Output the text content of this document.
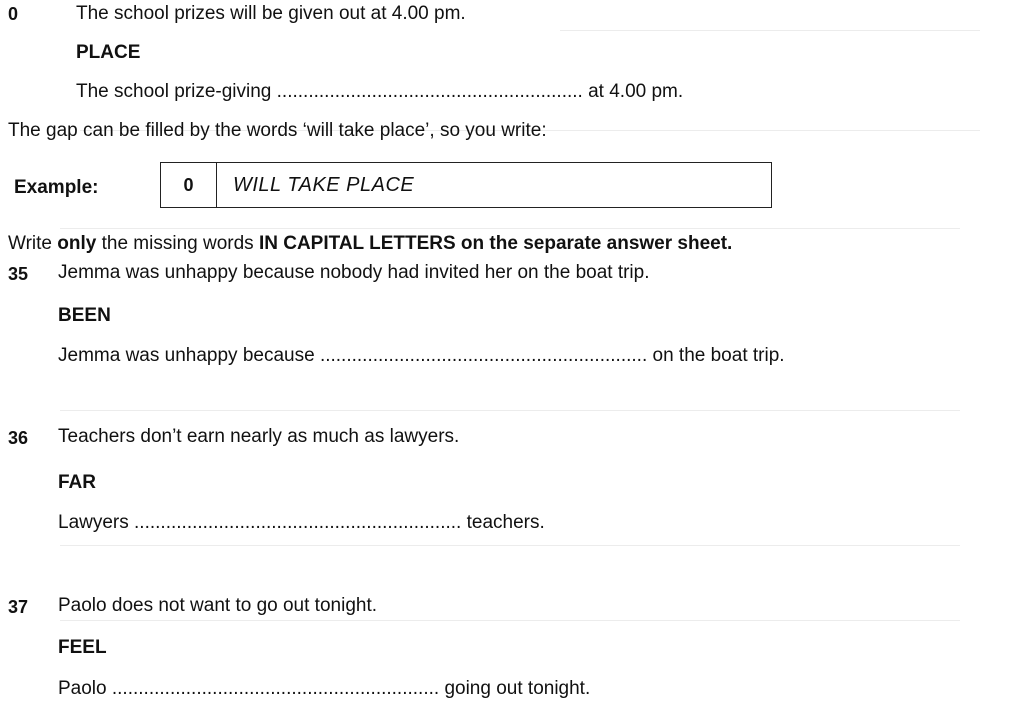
0	The school prizes will be given out at 4.00 pm.
PLACE
The school prize-giving .......................................................... at 4.00 pm.
The gap can be filled by the words ‘will take place’, so you write:
Example:	0	WILL TAKE PLACE
Write only the missing words IN CAPITAL LETTERS on the separate answer sheet.
35 Jemma was unhappy because nobody had invited her on the boat trip.
BEEN
Jemma was unhappy because .............................................................. on the boat trip.
36 Teachers don’t earn nearly as much as lawyers.
FAR
Lawyers .............................................................. teachers.
37 Paolo does not want to go out tonight.
FEEL
Paolo .............................................................. going out tonight.
